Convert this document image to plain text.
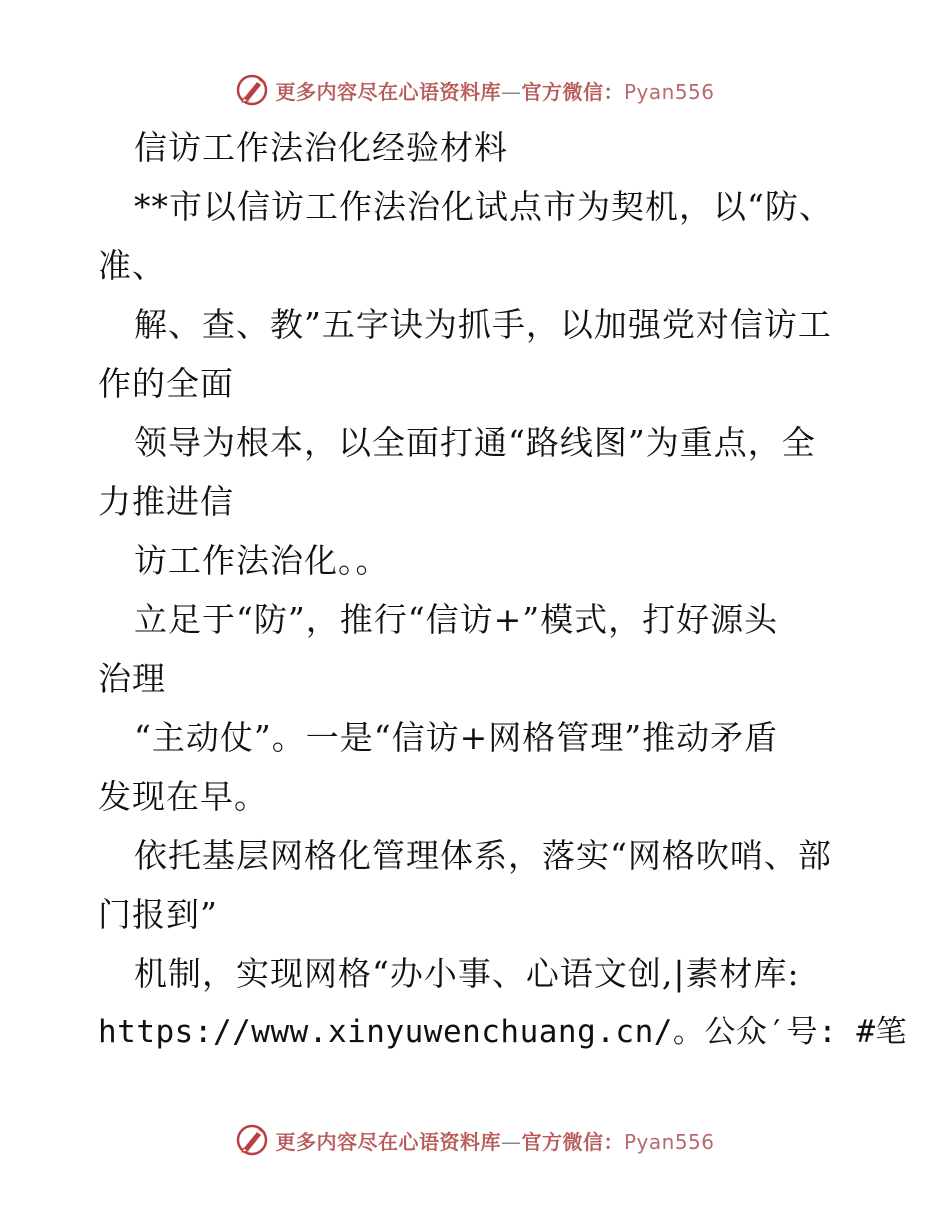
更多内容尽在心语资料库—官方微信：Pyan556
信访工作法治化经验材料
**市以信访工作法治化试点市为契机，以“防、
准、
解、查、教”五字诀为抓手，以加强党对信访工
作的全面
领导为根本，以全面打通“路线图”为重点，全
力推进信
访工作法治化。。
立足于“防”，推行“信访+”模式，打好源头
治理
“主动仗”。一是“信访+网格管理”推动矛盾
发现在早。
依托基层网格化管理体系，落实“网格吹哨、部
门报到”
机制，实现网格“办小事、心语文创,|素材库:
https://www.xinyuwenchuang.cn/。公众′号: #笔
更多内容尽在心语资料库—官方微信：Pyan556
